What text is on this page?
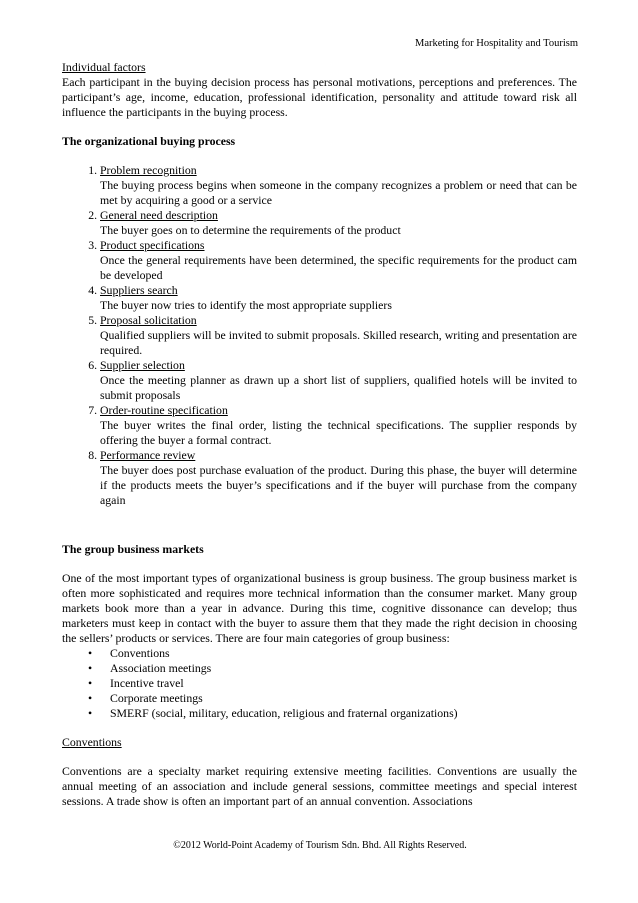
Marketing for Hospitality and Tourism

Individual factors

Each participant in the buying decision process has personal motivations, perceptions and preferences. The participant’s age, income, education, professional identification, personality and attitude toward risk all influence the participants in the buying process.

The organizational buying process

1. Problem recognition
The buying process begins when someone in the company recognizes a problem or need that can be met by acquiring a good or a service
2. General need description
The buyer goes on to determine the requirements of the product
3. Product specifications
Once the general requirements have been determined, the specific requirements for the product cam be developed
4. Suppliers search
The buyer now tries to identify the most appropriate suppliers
5. Proposal solicitation
Qualified suppliers will be invited to submit proposals. Skilled research, writing and presentation are required.
6. Supplier selection
Once the meeting planner as drawn up a short list of suppliers, qualified hotels will be invited to submit proposals
7. Order-routine specification
The buyer writes the final order, listing the technical specifications. The supplier responds by offering the buyer a formal contract.
8. Performance review
The buyer does post purchase evaluation of the product. During this phase, the buyer will determine if the products meets the buyer’s specifications and if the buyer will purchase from the company again

The group business markets

One of the most important types of organizational business is group business. The group business market is often more sophisticated and requires more technical information than the consumer market. Many group markets book more than a year in advance. During this time, cognitive dissonance can develop; thus marketers must keep in contact with the buyer to assure them that they made the right decision in choosing the sellers’ products or services. There are four main categories of group business:

• Conventions
• Association meetings
• Incentive travel
• Corporate meetings
• SMERF (social, military, education, religious and fraternal organizations)

Conventions

Conventions are a specialty market requiring extensive meeting facilities. Conventions are usually the annual meeting of an association and include general sessions, committee meetings and special interest sessions. A trade show is often an important part of an annual convention. Associations

©2012 World-Point Academy of Tourism Sdn. Bhd. All Rights Reserved.
